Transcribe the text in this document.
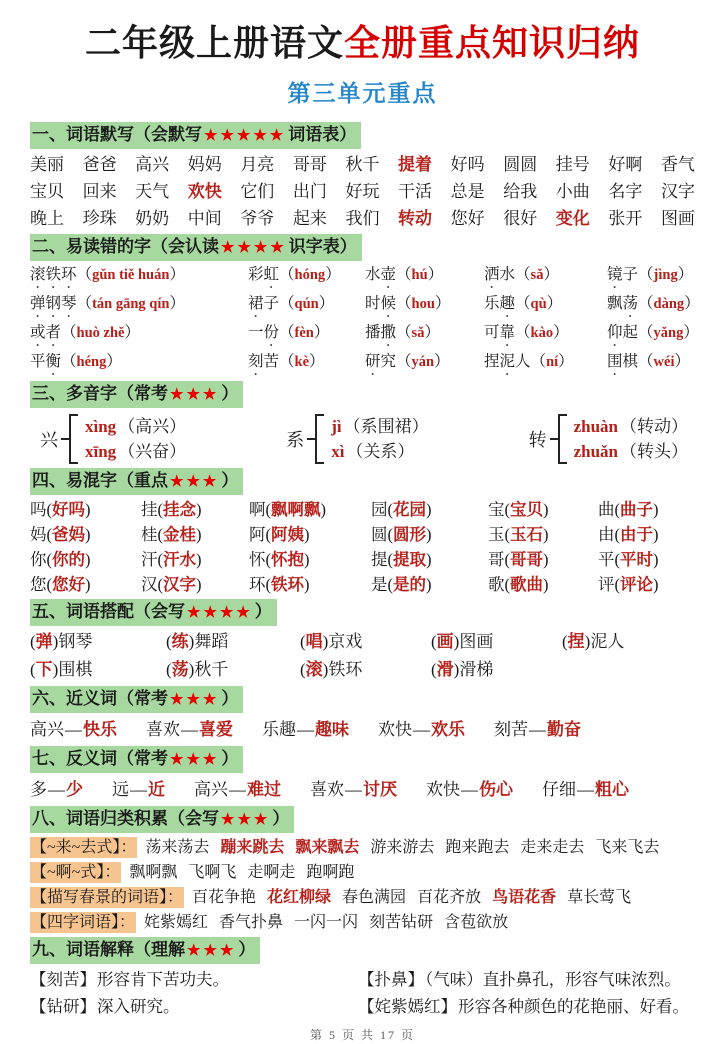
二年级上册语文全册重点知识归纳
第三单元重点
一、词语默写（会默写 ★★★★★ 词语表）
美丽 爸爸 高兴 妈妈 月亮 哥哥 秋千 提着 好吗 圆圆 挂号 好啊 香气
宝贝 回来 天气 欢快 它们 出门 好玩 干活 总是 给我 小曲 名字 汉字
晚上 珍珠 奶奶 中间 爷爷 起来 我们 转动 您好 很好 变化 张开 图画
二、易读错的字（会认读 ★★★★ 识字表）
滚铁环（gǔn tiě huán）	彩虹（hóng）	水壶（hú）	洒水（sǎ）	镜子（jìng）
弹钢琴（tán gāng qín）	裙子（qún）	时候（hou）	乐趣（qù）	飘荡（dàng）
或者（huò zhě）	一份（fèn）	播撒（sǎ）	可靠（kào）	仰起（yǎng）
平衡（héng）	刻苦（kè）	研究（yán）	捏泥人（ní）	围棋（wéi）
三、多音字（常考 ★★★ ）
兴
xìng （高兴）
xīng （兴奋）
系
jì （系围裙）
xì （关系）
转
zhuàn （转动）
zhuǎn （转头）
四、易混字（重点 ★★★ ）
吗(好吗)	挂(挂念)	啊(飘啊飘)	园(花园)	宝(宝贝)	曲(曲子)
妈(爸妈)	桂(金桂)	阿(阿姨)	圆(圆形)	玉(玉石)	由(由于)
你(你的)	汗(汗水)	怀(怀抱)	提(提取)	哥(哥哥)	平(平时)
您(您好)	汉(汉字)	环(铁环)	是(是的)	歌(歌曲)	评(评论)
五、词语搭配（会写 ★★★★ ）
(弹)钢琴	(练)舞蹈	(唱)京戏	(画)图画	(捏)泥人
(下)围棋	(荡)秋千	(滚)铁环	(滑)滑梯
六、近义词（常考 ★★★ ）
高兴—快乐 喜欢—喜爱 乐趣—趣味 欢快—欢乐 刻苦—勤奋
七、反义词（常考 ★★★ ）
多—少 远—近 高兴—难过 喜欢—讨厌 欢快—伤心 仔细—粗心
八、词语归类积累（会写 ★★★ ）
【~来~去式】： 荡来荡去 蹦来跳去 飘来飘去 游来游去 跑来跑去 走来走去 飞来飞去
【~啊~式】： 飘啊飘 飞啊飞 走啊走 跑啊跑
【描写春景的词语】： 百花争艳 花红柳绿 春色满园 百花齐放 鸟语花香 草长莺飞
【四字词语】： 姹紫嫣红 香气扑鼻 一闪一闪 刻苦钻研 含苞欲放
九、词语解释（理解 ★★★ ）
【刻苦】形容肯下苦功夫。	【扑鼻】（气味）直扑鼻孔，形容气味浓烈。
【钻研】深入研究。	【姹紫嫣红】形容各种颜色的花艳丽、好看。
第 5 页 共 17 页
